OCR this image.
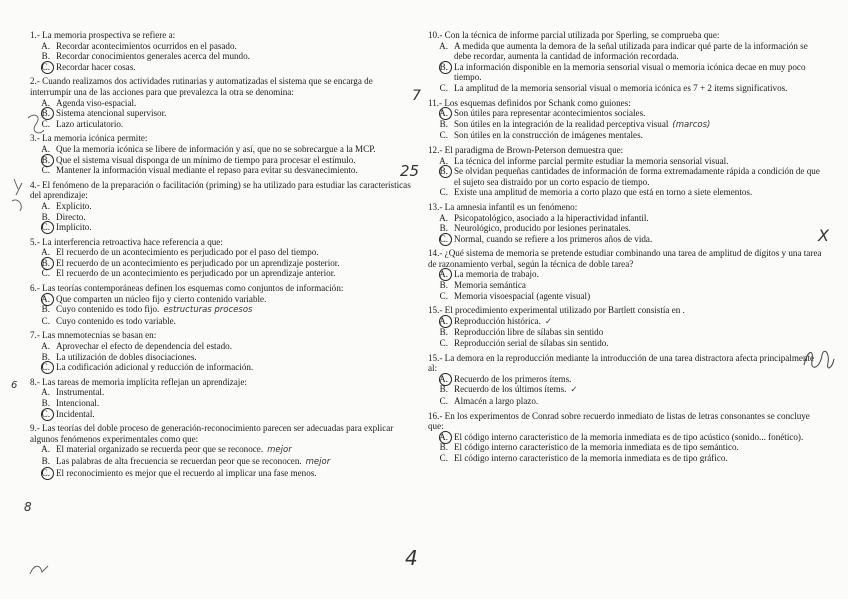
1.- La memoria prospectiva se refiere a:

A. Recordar acontecimientos ocurridos en el pasado.
B. Recordar conocimientos generales acerca del mundo.
C. Recordar hacer cosas.

2.- Cuando realizamos dos actividades rutinarias y automatizadas el sistema que se encarga de interrumpir una de las acciones para que prevalezca la otra se denomina:

A. Agenda viso-espacial.
B. Sistema atencional supervisor.
C. Lazo articulatorio.

3.- La memoria icónica permite:

A. Que la memoria icónica se libere de información y así, que no se sobrecargue a la MCP.
B. Que el sistema visual disponga de un mínimo de tiempo para procesar el estímulo.
C. Mantener la información visual mediante el repaso para evitar su desvanecimiento.

4.- El fenómeno de la preparación o facilitación (priming) se ha utilizado para estudiar las características del aprendizaje:

A. Explícito.
B. Directo.
C. Implícito.

5.- La interferencia retroactiva hace referencia a que:

A. El recuerdo de un acontecimiento es perjudicado por el paso del tiempo.
B. El recuerdo de un acontecimiento es perjudicado por un aprendizaje posterior.
C. El recuerdo de un acontecimiento es perjudicado por un aprendizaje anterior.

6.- Las teorías contemporáneas definen los esquemas como conjuntos de información:

A. Que comparten un núcleo fijo y cierto contenido variable.
B. Cuyo contenido es todo fijo. estructuras procesos
C. Cuyo contenido es todo variable.

7.- Las mnemotecnias se basan en:

A. Aprovechar el efecto de dependencia del estado.
B. La utilización de dobles disociaciones.
C. La codificación adicional y reducción de información.

8.- Las tareas de memoria implícita reflejan un aprendizaje:

A. Instrumental.
B. Intencional.
C. Incidental.

9.- Las teorías del doble proceso de generación-reconocimiento parecen ser adecuadas para explicar algunos fenómenos experimentales como que:

A. El material organizado se recuerda peor que se reconoce. mejor
B. Las palabras de alta frecuencia se recuerdan peor que se reconocen. mejor
C. El reconocimiento es mejor que el recuerdo al implicar una fase menos.

10.- Con la técnica de informe parcial utilizada por Sperling, se comprueba que:

A. A medida que aumenta la demora de la señal utilizada para indicar qué parte de la información se debe recordar, aumenta la cantidad de información recordada.
B. La información disponible en la memoria sensorial visual o memoria icónica decae en muy poco tiempo.
C. La amplitud de la memoria sensorial visual o memoria icónica es 7 + 2 ítems significativos.

11.- Los esquemas definidos por Schank como guiones:

A. Son útiles para representar acontecimientos sociales.
B. Son útiles en la integración de la realidad perceptiva visual (marcos)
C. Son útiles en la construcción de imágenes mentales.

12.- El paradigma de Brown-Peterson demuestra que:

A. La técnica del informe parcial permite estudiar la memoria sensorial visual.
B. Se olvidan pequeñas cantidades de información de forma extremadamente rápida a condición de que el sujeto sea distraído por un corto espacio de tiempo.
C. Existe una amplitud de memoria a corto plazo que está en torno a siete elementos.

13.- La amnesia infantil es un fenómeno:

A. Psicopatológico, asociado a la hiperactividad infantil.
B. Neurológico, producido por lesiones perinatales.
C. Normal, cuando se refiere a los primeros años de vida.

14.- ¿Qué sistema de memoria se pretende estudiar combinando una tarea de amplitud de dígitos y una tarea de razonamiento verbal, según la técnica de doble tarea?

A. La memoria de trabajo.
B. Memoria semántica
C. Memoria visoespacial (agente visual)

15.- El procedimiento experimental utilizado por Bartlett consistía en .

A. Reproducción histórica. ✓
B. Reproducción libre de sílabas sin sentido
C. Reproducción serial de sílabas sin sentido.

15.- La demora en la reproducción mediante la introducción de una tarea distractora afecta principalmente al:

A. Recuerdo de los primeros ítems.
B. Recuerdo de los últimos ítems. ✓
C. Almacén a largo plazo.

16.- En los experimentos de Conrad sobre recuerdo inmediato de listas de letras consonantes se concluye que:

A. El código interno característico de la memoria inmediata es de tipo acústico (sonido... fonético).
B. El código interno característico de la memoria inmediata es de tipo semántico.
C. El código interno característico de la memoria inmediata es de tipo gráfico.
25
4
7
X
6
8
